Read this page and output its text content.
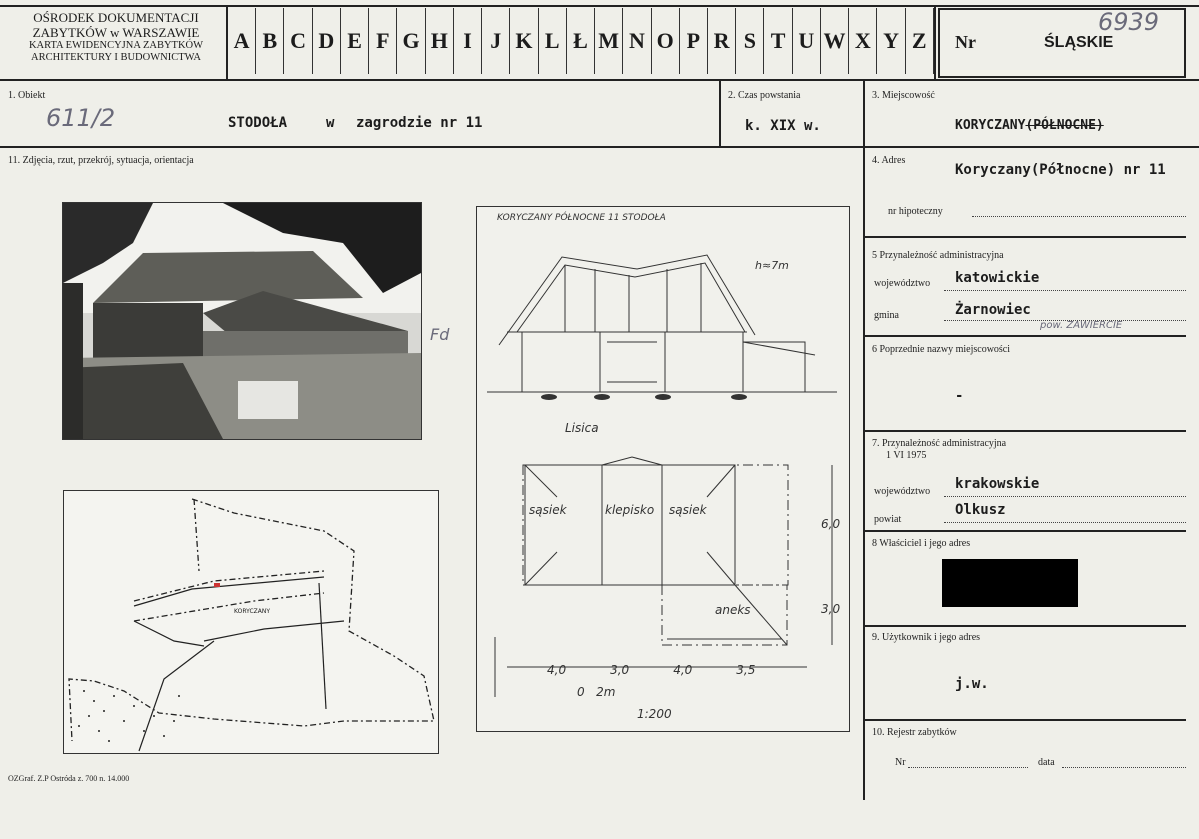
OŚRODEK DOKUMENTACJI
ZABYTKÓW w WARSZAWIE
KARTA EWIDENCYJNA ZABYTKÓW
ARCHITEKTURY I BUDOWNICTWA
A B C D E F G H I J K L Ł M N O P R S T U W X Y Z	Nr	ŚLĄSKIE
6939
1. Obiekt
611/2	STODOŁA	w zagrodzie nr 11
2. Czas powstania
k. XIX w.
3. Miejscowość
KORYCZANY(PÓŁNOCNE)
11. Zdjęcia, rzut, przekrój, sytuacja, orientacja
Fd
KORYCZANY
KORYCZANY PÓŁNOCNE 11 STODOŁA
h≈7m
Lisica
sąsiek	klepisko sąsiek
aneks
6,0
3,0
4,0	3,0	4,0	3,5
0   2m
1:200
4. Adres
Koryczany(Północne) nr 11
nr hipoteczny
5 Przynależność administracyjna
województwo katowickie
gmina	Żarnowiec
pow. ZAWIERCIE
6 Poprzednie nazwy miejscowości
-
7. Przynależność administracyjna
1 VI 1975
województwo krakowskie
powiat
Olkusz
8 Właściciel i jego adres
9. Użytkownik i jego adres
j.w.
10. Rejestr zabytków
Nr	data
OZGraf. Z.P Ostróda z. 700 n. 14.000
